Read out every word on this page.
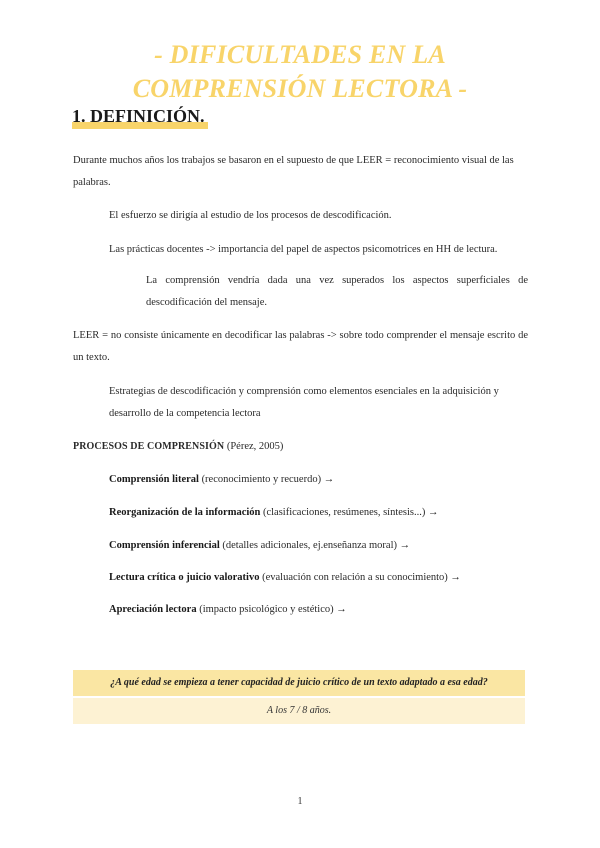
- DIFICULTADES EN LA
COMPRENSIÓN LECTORA -
1. DEFINICIÓN.
Durante muchos años los trabajos se basaron en el supuesto de que LEER = reconocimiento visual de las palabras.
El esfuerzo se dirigía al estudio de los procesos de descodificación.
Las prácticas docentes -> importancia del papel de aspectos psicomotrices en HH de lectura.
La comprensión vendría dada una vez superados los aspectos superficiales de descodificación del mensaje.
LEER = no consiste únicamente en decodificar las palabras -> sobre todo comprender el mensaje escrito de un texto.
Estrategias de descodificación y comprensión como elementos esenciales en la adquisición y desarrollo de la competencia lectora
PROCESOS DE COMPRENSIÓN (Pérez, 2005)
Comprensión literal (reconocimiento y recuerdo) →
Reorganización de la información (clasificaciones, resúmenes, síntesis...) →
Comprensión inferencial (detalles adicionales, ej.enseñanza moral) →
Lectura crítica o juicio valorativo (evaluación con relación a su conocimiento) →
Apreciación lectora (impacto psicológico y estético) →
¿A qué edad se empieza a tener capacidad de juicio crítico de un texto adaptado a esa edad?
A los 7 / 8 años.
1
